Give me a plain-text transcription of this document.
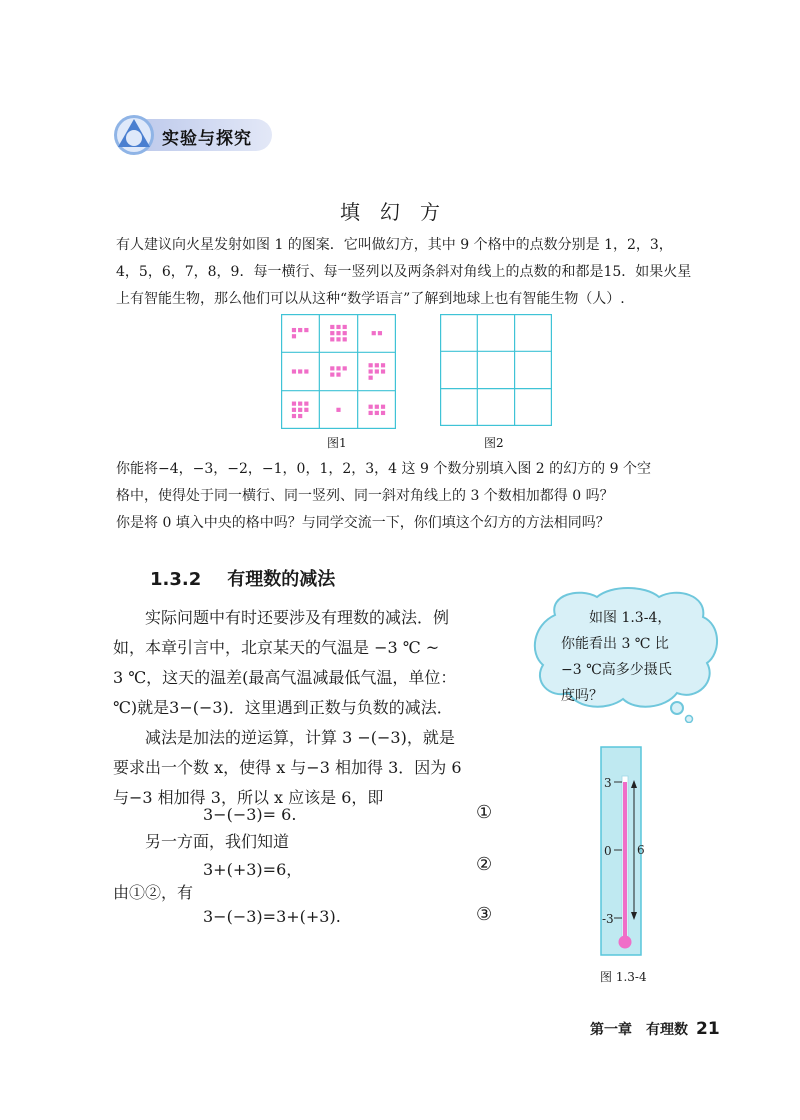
实验与探究
填幻方

有人建议向火星发射如图 1 的图案．它叫做幻方，其中 9 个格中的点数分别是 1，2，3，

4，5，6，7，8，9．每一横行、每一竖列以及两条斜对角线上的点数的和都是15．如果火星

上有智能生物，那么他们可以从这种“数学语言”了解到地球上也有智能生物（人）.

图1	图2

你能将−4，−3，−2，−1，0，1，2，3，4 这 9 个数分别填入图 2 的幻方的 9 个空

格中，使得处于同一横行、同一竖列、同一斜对角线上的 3 个数相加都得 0 吗？

你是将 0 填入中央的格中吗？与同学交流一下，你们填这个幻方的方法相同吗？

1.3.2 有理数的减法
实际问题中有时还要涉及有理数的减法．例
如，本章引言中，北京某天的气温是 −3 ℃ ~
3 ℃，这天的温差(最高气温减最低气温，单位：
℃)就是3−(−3)．这里遇到正数与负数的减法．
减法是加法的逆运算，计算 3 −(−3)，就是
要求出一个数 x，使得 x 与−3 相加得 3．因为 6
与−3 相加得 3，所以 x 应该是 6，即
3−(−3)= 6.	①
另一方面，我们知道
3+(+3)=6，	②
由①②，有
3−(−3)=3+(+3).	③
如图 1.3-4，
你能看出 3 ℃ 比
−3 ℃高多少摄氏
度吗？
3
0
-3
6
图 1.3-4
第一章　有理数 21
